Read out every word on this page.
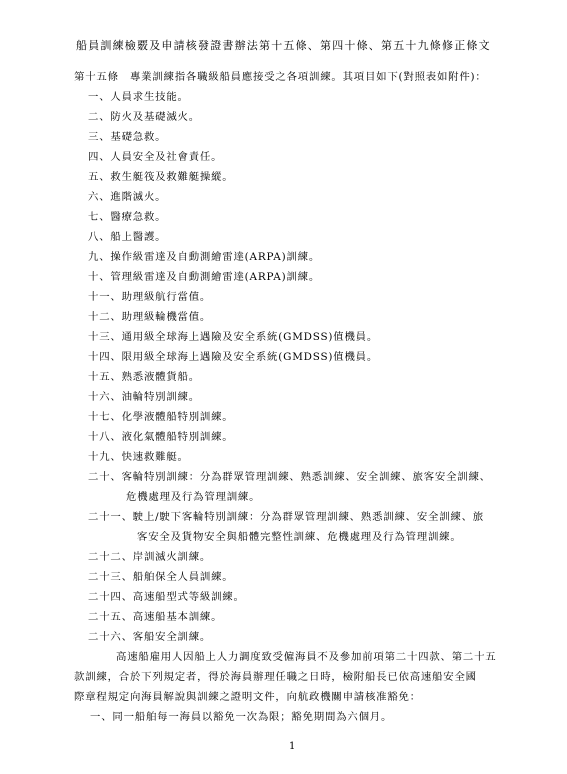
船員訓練檢覈及申請核發證書辦法第十五條、第四十條、第五十九條修正條文
第十五條　專業訓練指各職級船員應接受之各項訓練。其項目如下(對照表如附件)：
一、人員求生技能。
二、防火及基礎滅火。
三、基礎急救。
四、人員安全及社會責任。
五、救生艇筏及救難艇操縱。
六、進階滅火。
七、醫療急救。
八、船上醫護。
九、操作級雷達及自動測繪雷達(ARPA)訓練。
十、管理級雷達及自動測繪雷達(ARPA)訓練。
十一、助理級航行當值。
十二、助理級輪機當值。
十三、通用級全球海上遇險及安全系統(GMDSS)值機員。
十四、限用級全球海上遇險及安全系統(GMDSS)值機員。
十五、熟悉液體貨船。
十六、油輪特別訓練。
十七、化學液體船特別訓練。
十八、液化氣體船特別訓練。
十九、快速救難艇。
二十、客輪特別訓練：分為群眾管理訓練、熟悉訓練、安全訓練、旅客安全訓練、
危機處理及行為管理訓練。
二十一、駛上/駛下客輪特別訓練：分為群眾管理訓練、熟悉訓練、安全訓練、旅
客安全及貨物安全與船體完整性訓練、危機處理及行為管理訓練。
二十二、岸訓滅火訓練。
二十三、船舶保全人員訓練。
二十四、高速船型式等級訓練。
二十五、高速船基本訓練。
二十六、客船安全訓練。
高速船雇用人因船上人力調度致受僱海員不及參加前項第二十四款、第二十五
款訓練，合於下列規定者，得於海員辦理任職之日時，檢附船長已依高速船安全國
際章程規定向海員解說與訓練之證明文件，向航政機關申請核准豁免：
一、同一船舶每一海員以豁免一次為限；豁免期間為六個月。
1
